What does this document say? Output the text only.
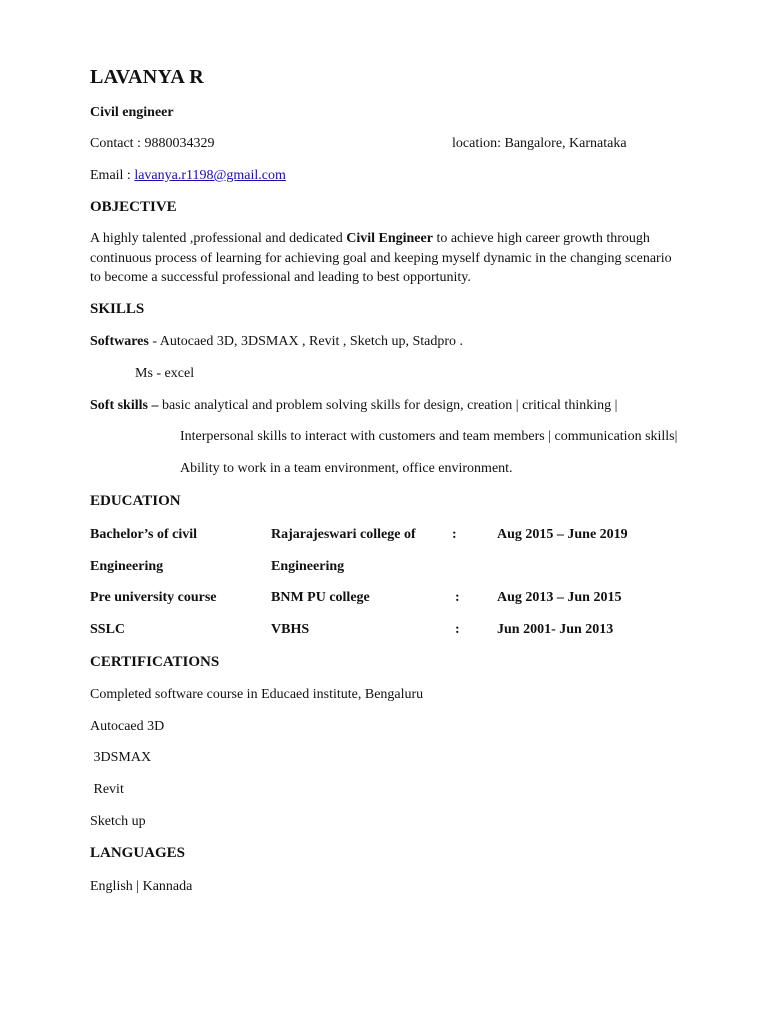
LAVANYA R
Civil engineer
Contact : 9880034329	location: Bangalore, Karnataka
Email : lavanya.r1198@gmail.com
OBJECTIVE
A highly talented ,professional and dedicated Civil Engineer to achieve high career growth through continuous process of learning for achieving goal and keeping myself dynamic in the changing scenario to become a successful professional and leading to best opportunity.
SKILLS
Softwares - Autocaed 3D, 3DSMAX , Revit , Sketch up, Stadpro .
Ms - excel
Soft skills – basic analytical and problem solving skills for design, creation | critical thinking |
Interpersonal skills to interact with customers and team members | communication skills|
Ability to work in a team environment, office environment.
EDUCATION
Bachelor’s of civil	Rajarajeswari college of	:	Aug 2015 – June 2019
Engineering	Engineering
Pre university course	BNM PU college	:	Aug 2013 – Jun 2015
SSLC	VBHS	:	Jun 2001- Jun 2013
CERTIFICATIONS
Completed software course in Educaed institute, Bengaluru
Autocaed 3D
3DSMAX
Revit
Sketch up
LANGUAGES
English | Kannada
